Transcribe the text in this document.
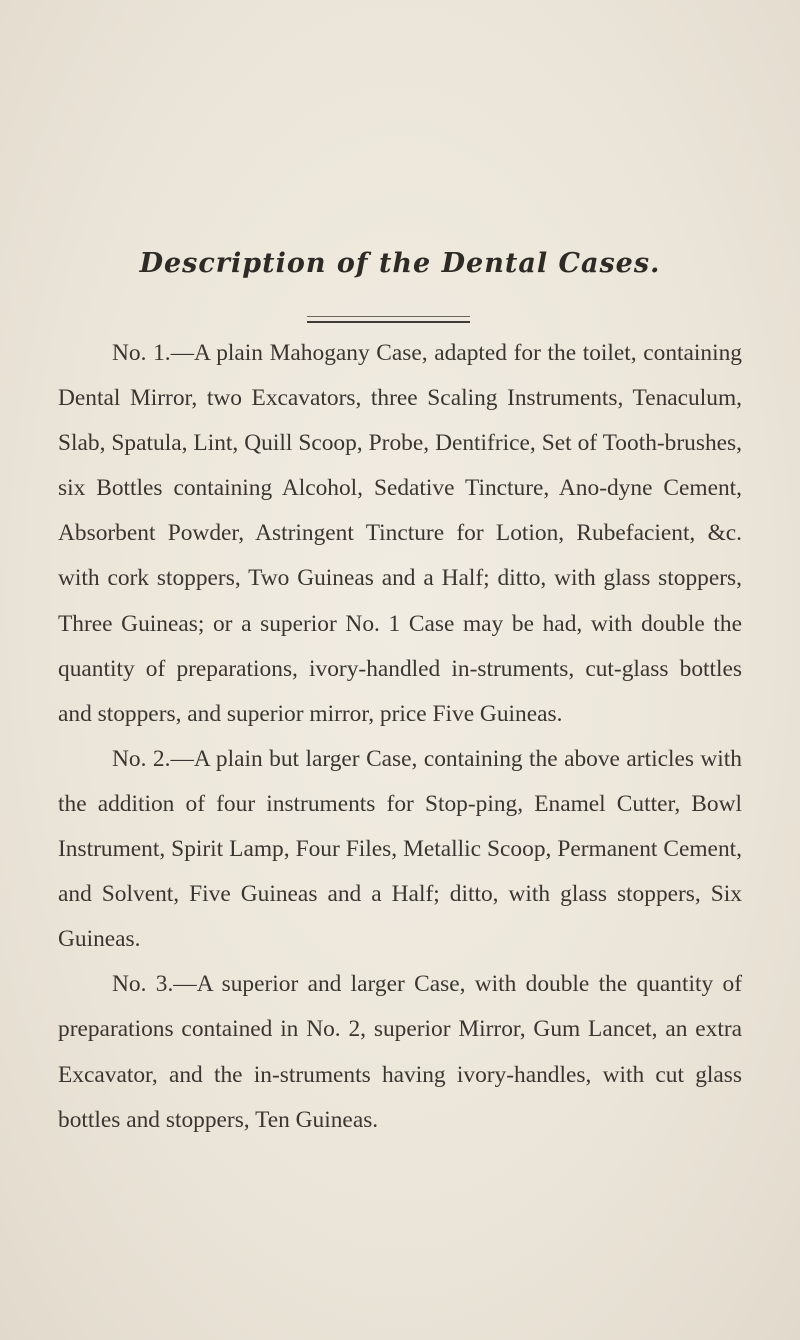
Description of the Dental Cases.

No. 1.—A plain Mahogany Case, adapted for the toilet, containing Dental Mirror, two Excavators, three Scaling Instruments, Tenaculum, Slab, Spatula, Lint, Quill Scoop, Probe, Dentifrice, Set of Tooth-brushes, six Bottles containing Alcohol, Sedative Tincture, Ano-dyne Cement, Absorbent Powder, Astringent Tincture for Lotion, Rubefacient, &c. with cork stoppers, Two Guineas and a Half; ditto, with glass stoppers, Three Guineas; or a superior No. 1 Case may be had, with double the quantity of preparations, ivory-handled in-struments, cut-glass bottles and stoppers, and superior mirror, price Five Guineas.

No. 2.—A plain but larger Case, containing the above articles with the addition of four instruments for Stop-ping, Enamel Cutter, Bowl Instrument, Spirit Lamp, Four Files, Metallic Scoop, Permanent Cement, and Solvent, Five Guineas and a Half; ditto, with glass stoppers, Six Guineas.

No. 3.—A superior and larger Case, with double the quantity of preparations contained in No. 2, superior Mirror, Gum Lancet, an extra Excavator, and the in-struments having ivory-handles, with cut glass bottles and stoppers, Ten Guineas.
